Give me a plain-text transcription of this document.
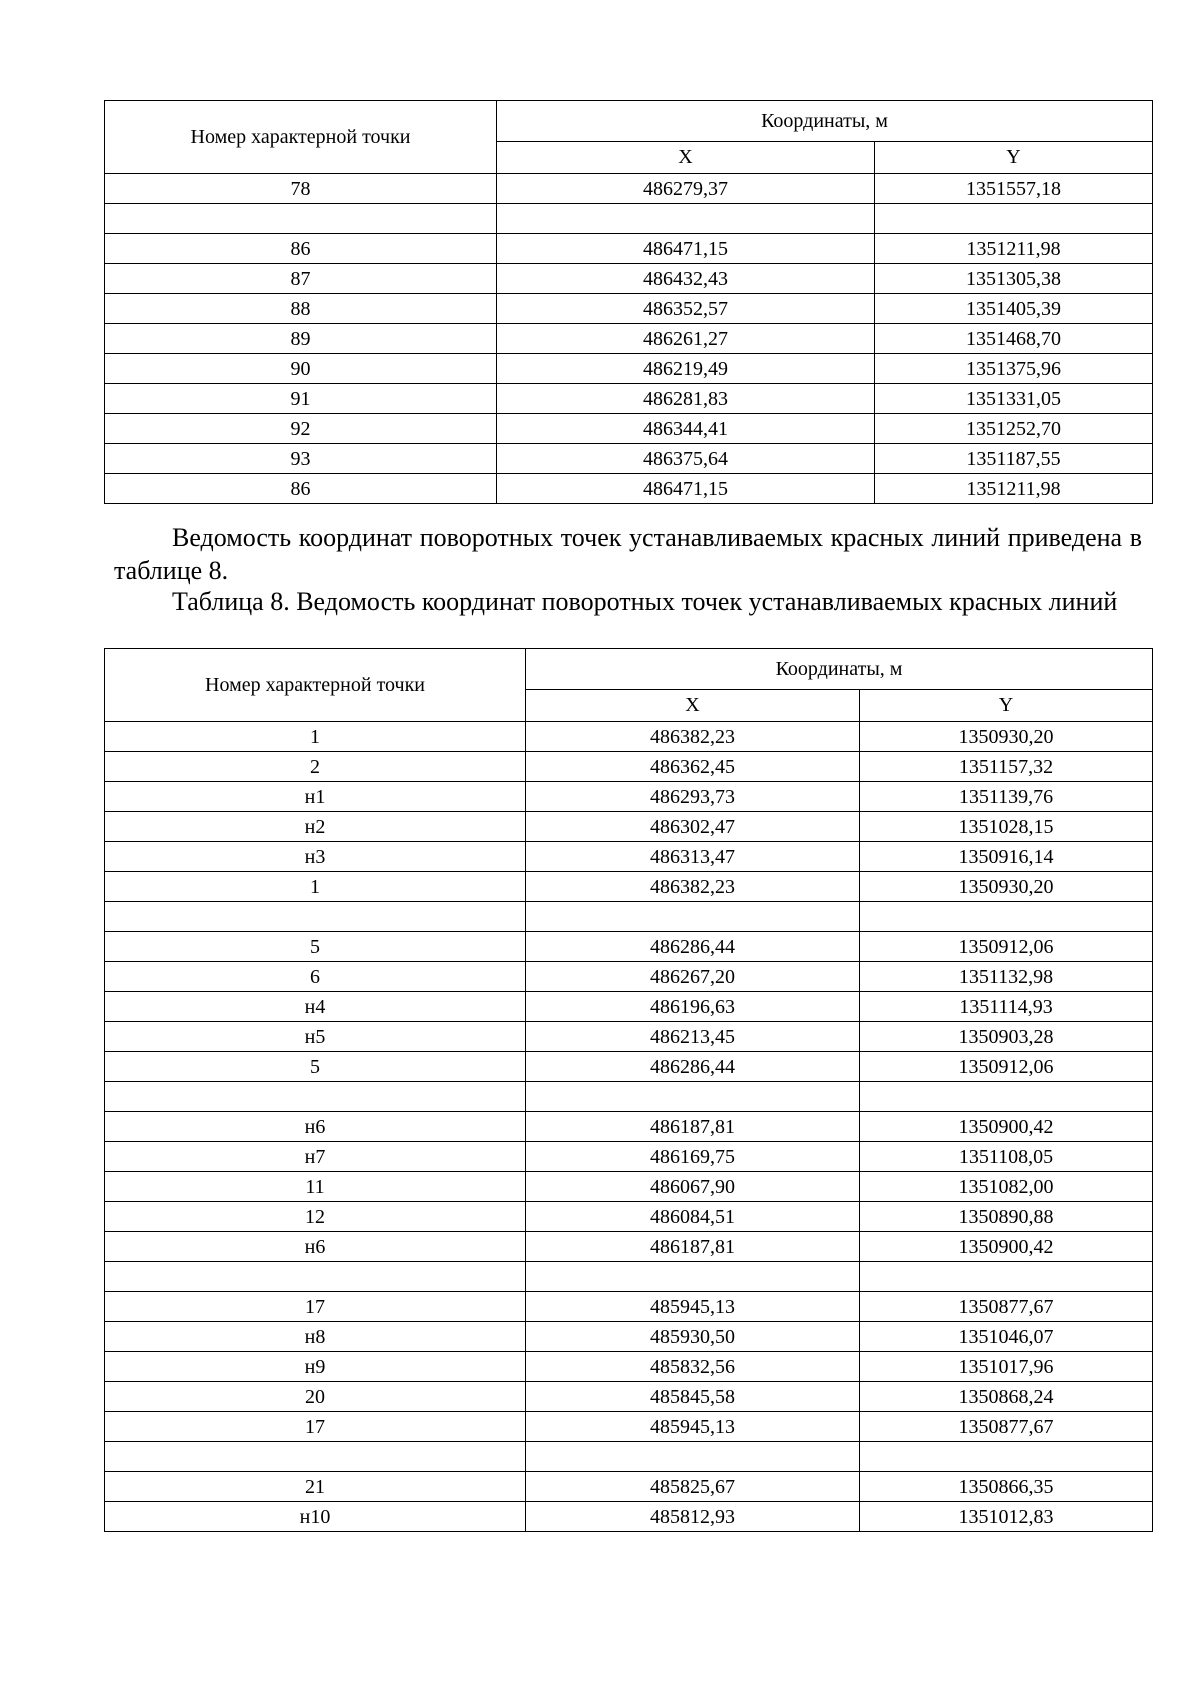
Номер характерной точки	Координаты, м	
	X	Y
78	486279,37	1351557,18

86	486471,15	1351211,98
87	486432,43	1351305,38
88	486352,57	1351405,39
89	486261,27	1351468,70
90	486219,49	1351375,96
91	486281,83	1351331,05
92	486344,41	1351252,70
93	486375,64	1351187,55
86	486471,15	1351211,98
Ведомость координат поворотных точек устанавливаемых красных линий приведена в таблице 8.
Таблица 8. Ведомость координат поворотных точек устанавливаемых красных линий
Номер характерной точки	Координаты, м	
	X	Y
1	486382,23	1350930,20
2	486362,45	1351157,32
н1	486293,73	1351139,76
н2	486302,47	1351028,15
н3	486313,47	1350916,14
1	486382,23	1350930,20

5	486286,44	1350912,06
6	486267,20	1351132,98
н4	486196,63	1351114,93
н5	486213,45	1350903,28
5	486286,44	1350912,06

н6	486187,81	1350900,42
н7	486169,75	1351108,05
11	486067,90	1351082,00
12	486084,51	1350890,88
н6	486187,81	1350900,42

17	485945,13	1350877,67
н8	485930,50	1351046,07
н9	485832,56	1351017,96
20	485845,58	1350868,24
17	485945,13	1350877,67

21	485825,67	1350866,35
н10	485812,93	1351012,83
